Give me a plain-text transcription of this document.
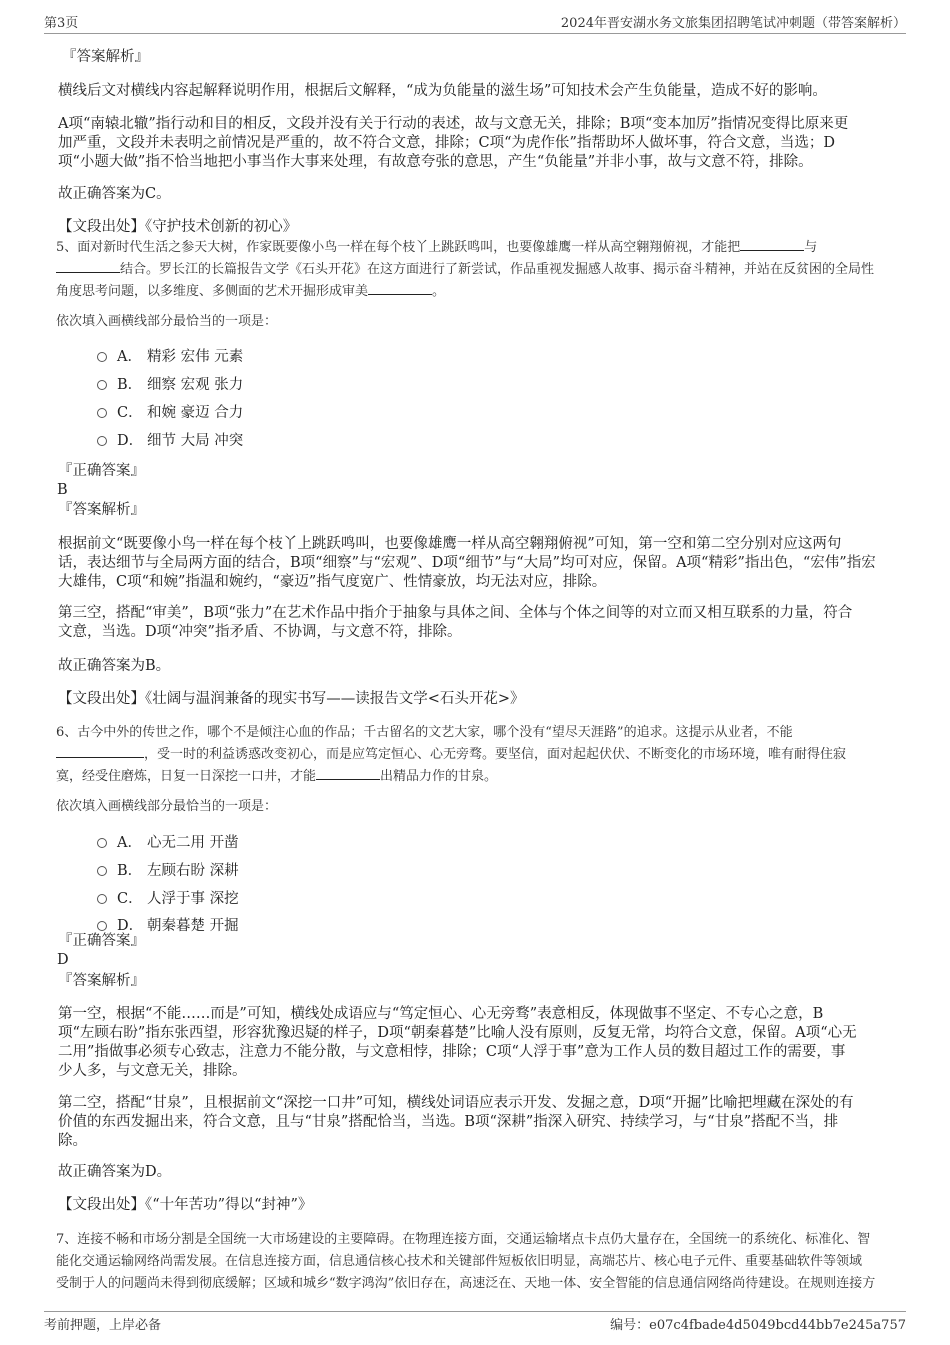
第3页	2024年晋安湖水务文旅集团招聘笔试冲刺题（带答案解析）
『答案解析』
横线后文对横线内容起解释说明作用，根据后文解释，“成为负能量的滋生场”可知技术会产生负能量，造成不好的影响。

A项“南辕北辙”指行动和目的相反，文段并没有关于行动的表述，故与文意无关，排除；B项“变本加厉”指情况变得比原来更

加严重，文段并未表明之前情况是严重的，故不符合文意，排除；C项“为虎作伥”指帮助坏人做坏事，符合文意，当选；D

项“小题大做”指不恰当地把小事当作大事来处理，有故意夸张的意思，产生“负能量”并非小事，故与文意不符，排除。

故正确答案为C。
【文段出处】《守护技术创新的初心》

5、面对新时代生活之参天大树，作家既要像小鸟一样在每个枝丫上跳跃鸣叫，也要像雄鹰一样从高空翱翔俯视，才能把	与

结合。罗长江的长篇报告文学《石头开花》在这方面进行了新尝试，作品重视发掘感人故事、揭示奋斗精神，并站在反贫困的全局性

角度思考问题，以多维度、多侧面的艺术开掘形成审美	。

依次填入画横线部分最恰当的一项是：
A． 精彩 宏伟 元素
B． 细察 宏观 张力
C． 和婉 豪迈 合力
D． 细节 大局 冲突
『正确答案』
B
『答案解析』

根据前文“既要像小鸟一样在每个枝丫上跳跃鸣叫，也要像雄鹰一样从高空翱翔俯视”可知，第一空和第二空分别对应这两句

话，表达细节与全局两方面的结合，B项“细察”与“宏观”、D项“细节”与“大局”均可对应，保留。A项“精彩”指出色，“宏伟”指宏

大雄伟，C项“和婉”指温和婉约，“豪迈”指气度宽广、性情豪放，均无法对应，排除。

第三空，搭配“审美”，B项“张力”在艺术作品中指介于抽象与具体之间、全体与个体之间等的对立而又相互联系的力量，符合

文意，当选。D项“冲突”指矛盾、不协调，与文意不符，排除。

故正确答案为B。
【文段出处】《壮阔与温润兼备的现实书写——读报告文学<石头开花>》

6、古今中外的传世之作，哪个不是倾注心血的作品；千古留名的文艺大家，哪个没有“望尽天涯路”的追求。这提示从业者，不能

，受一时的利益诱惑改变初心，而是应笃定恒心、心无旁骛。要坚信，面对起起伏伏、不断变化的市场环境，唯有耐得住寂

寞，经受住磨炼，日复一日深挖一口井，才能	出精品力作的甘泉。

依次填入画横线部分最恰当的一项是：
A． 心无二用 开凿
B． 左顾右盼 深耕
C． 人浮于事 深挖
D． 朝秦暮楚 开掘
『正确答案』
D
『答案解析』

第一空，根据“不能……而是”可知，横线处成语应与“笃定恒心、心无旁骛”表意相反，体现做事不坚定、不专心之意，B

项“左顾右盼”指东张西望，形容犹豫迟疑的样子，D项“朝秦暮楚”比喻人没有原则，反复无常，均符合文意，保留。A项“心无

二用”指做事必须专心致志，注意力不能分散，与文意相悖，排除；C项“人浮于事”意为工作人员的数目超过工作的需要，事

少人多，与文意无关，排除。

第二空，搭配“甘泉”，且根据前文“深挖一口井”可知，横线处词语应表示开发、发掘之意，D项“开掘”比喻把埋藏在深处的有

价值的东西发掘出来，符合文意，且与“甘泉”搭配恰当，当选。B项“深耕”指深入研究、持续学习，与“甘泉”搭配不当，排

除。

故正确答案为D。
【文段出处】《“十年苦功”得以“封神”》

7、连接不畅和市场分割是全国统一大市场建设的主要障碍。在物理连接方面，交通运输堵点卡点仍大量存在，全国统一的系统化、标准化、智

能化交通运输网络尚需发展。在信息连接方面，信息通信核心技术和关键部件短板依旧明显，高端芯片、核心电子元件、重要基础软件等领域

受制于人的问题尚未得到彻底缓解；区域和城乡“数字鸿沟”依旧存在，高速泛在、天地一体、安全智能的信息通信网络尚待建设。在规则连接方

考前押题，上岸必备	编号：e07c4fbade4d5049bcd44bb7e245a757
